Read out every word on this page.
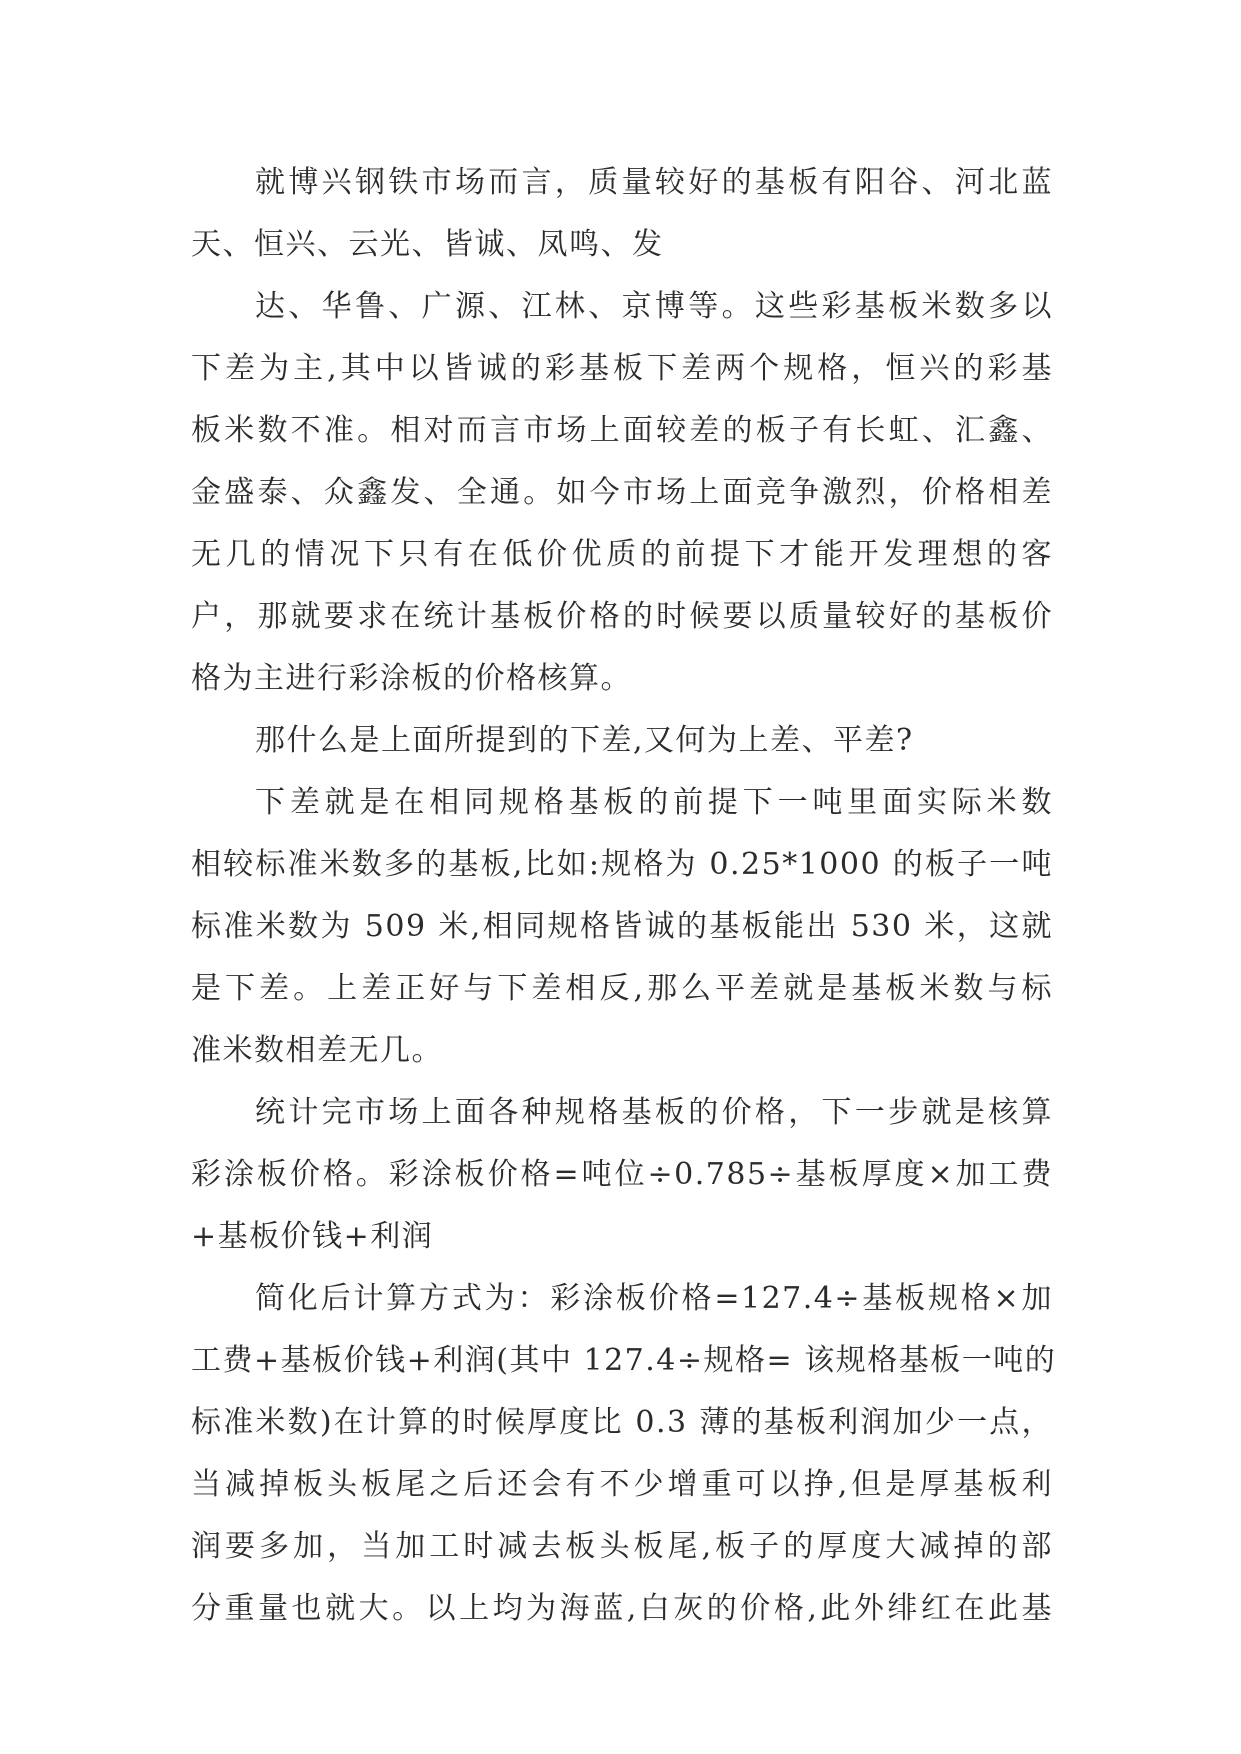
就博兴钢铁市场而言，质量较好的基板有阳谷、河北蓝
天、恒兴、云光、皆诚、凤鸣、发
达、华鲁、广源、江林、京博等。这些彩基板米数多以
下差为主,其中以皆诚的彩基板下差两个规格，恒兴的彩基
板米数不准。相对而言市场上面较差的板子有长虹、汇鑫、
金盛泰、众鑫发、全通。如今市场上面竞争激烈，价格相差
无几的情况下只有在低价优质的前提下才能开发理想的客
户，那就要求在统计基板价格的时候要以质量较好的基板价
格为主进行彩涂板的价格核算。
那什么是上面所提到的下差,又何为上差、平差?
下差就是在相同规格基板的前提下一吨里面实际米数
相较标准米数多的基板,比如:规格为 0.25*1000 的板子一吨
标准米数为 509 米,相同规格皆诚的基板能出 530 米，这就
是下差。上差正好与下差相反,那么平差就是基板米数与标
准米数相差无几。
统计完市场上面各种规格基板的价格，下一步就是核算
彩涂板价格。彩涂板价格=吨位÷0.785÷基板厚度×加工费
+基板价钱+利润
简化后计算方式为：彩涂板价格=127.4÷基板规格×加
工费+基板价钱+利润(其中 127.4÷规格= 该规格基板一吨的
标准米数)在计算的时候厚度比 0.3 薄的基板利润加少一点，
当减掉板头板尾之后还会有不少增重可以挣,但是厚基板利
润要多加，当加工时减去板头板尾,板子的厚度大减掉的部
分重量也就大。以上均为海蓝,白灰的价格,此外绯红在此基
